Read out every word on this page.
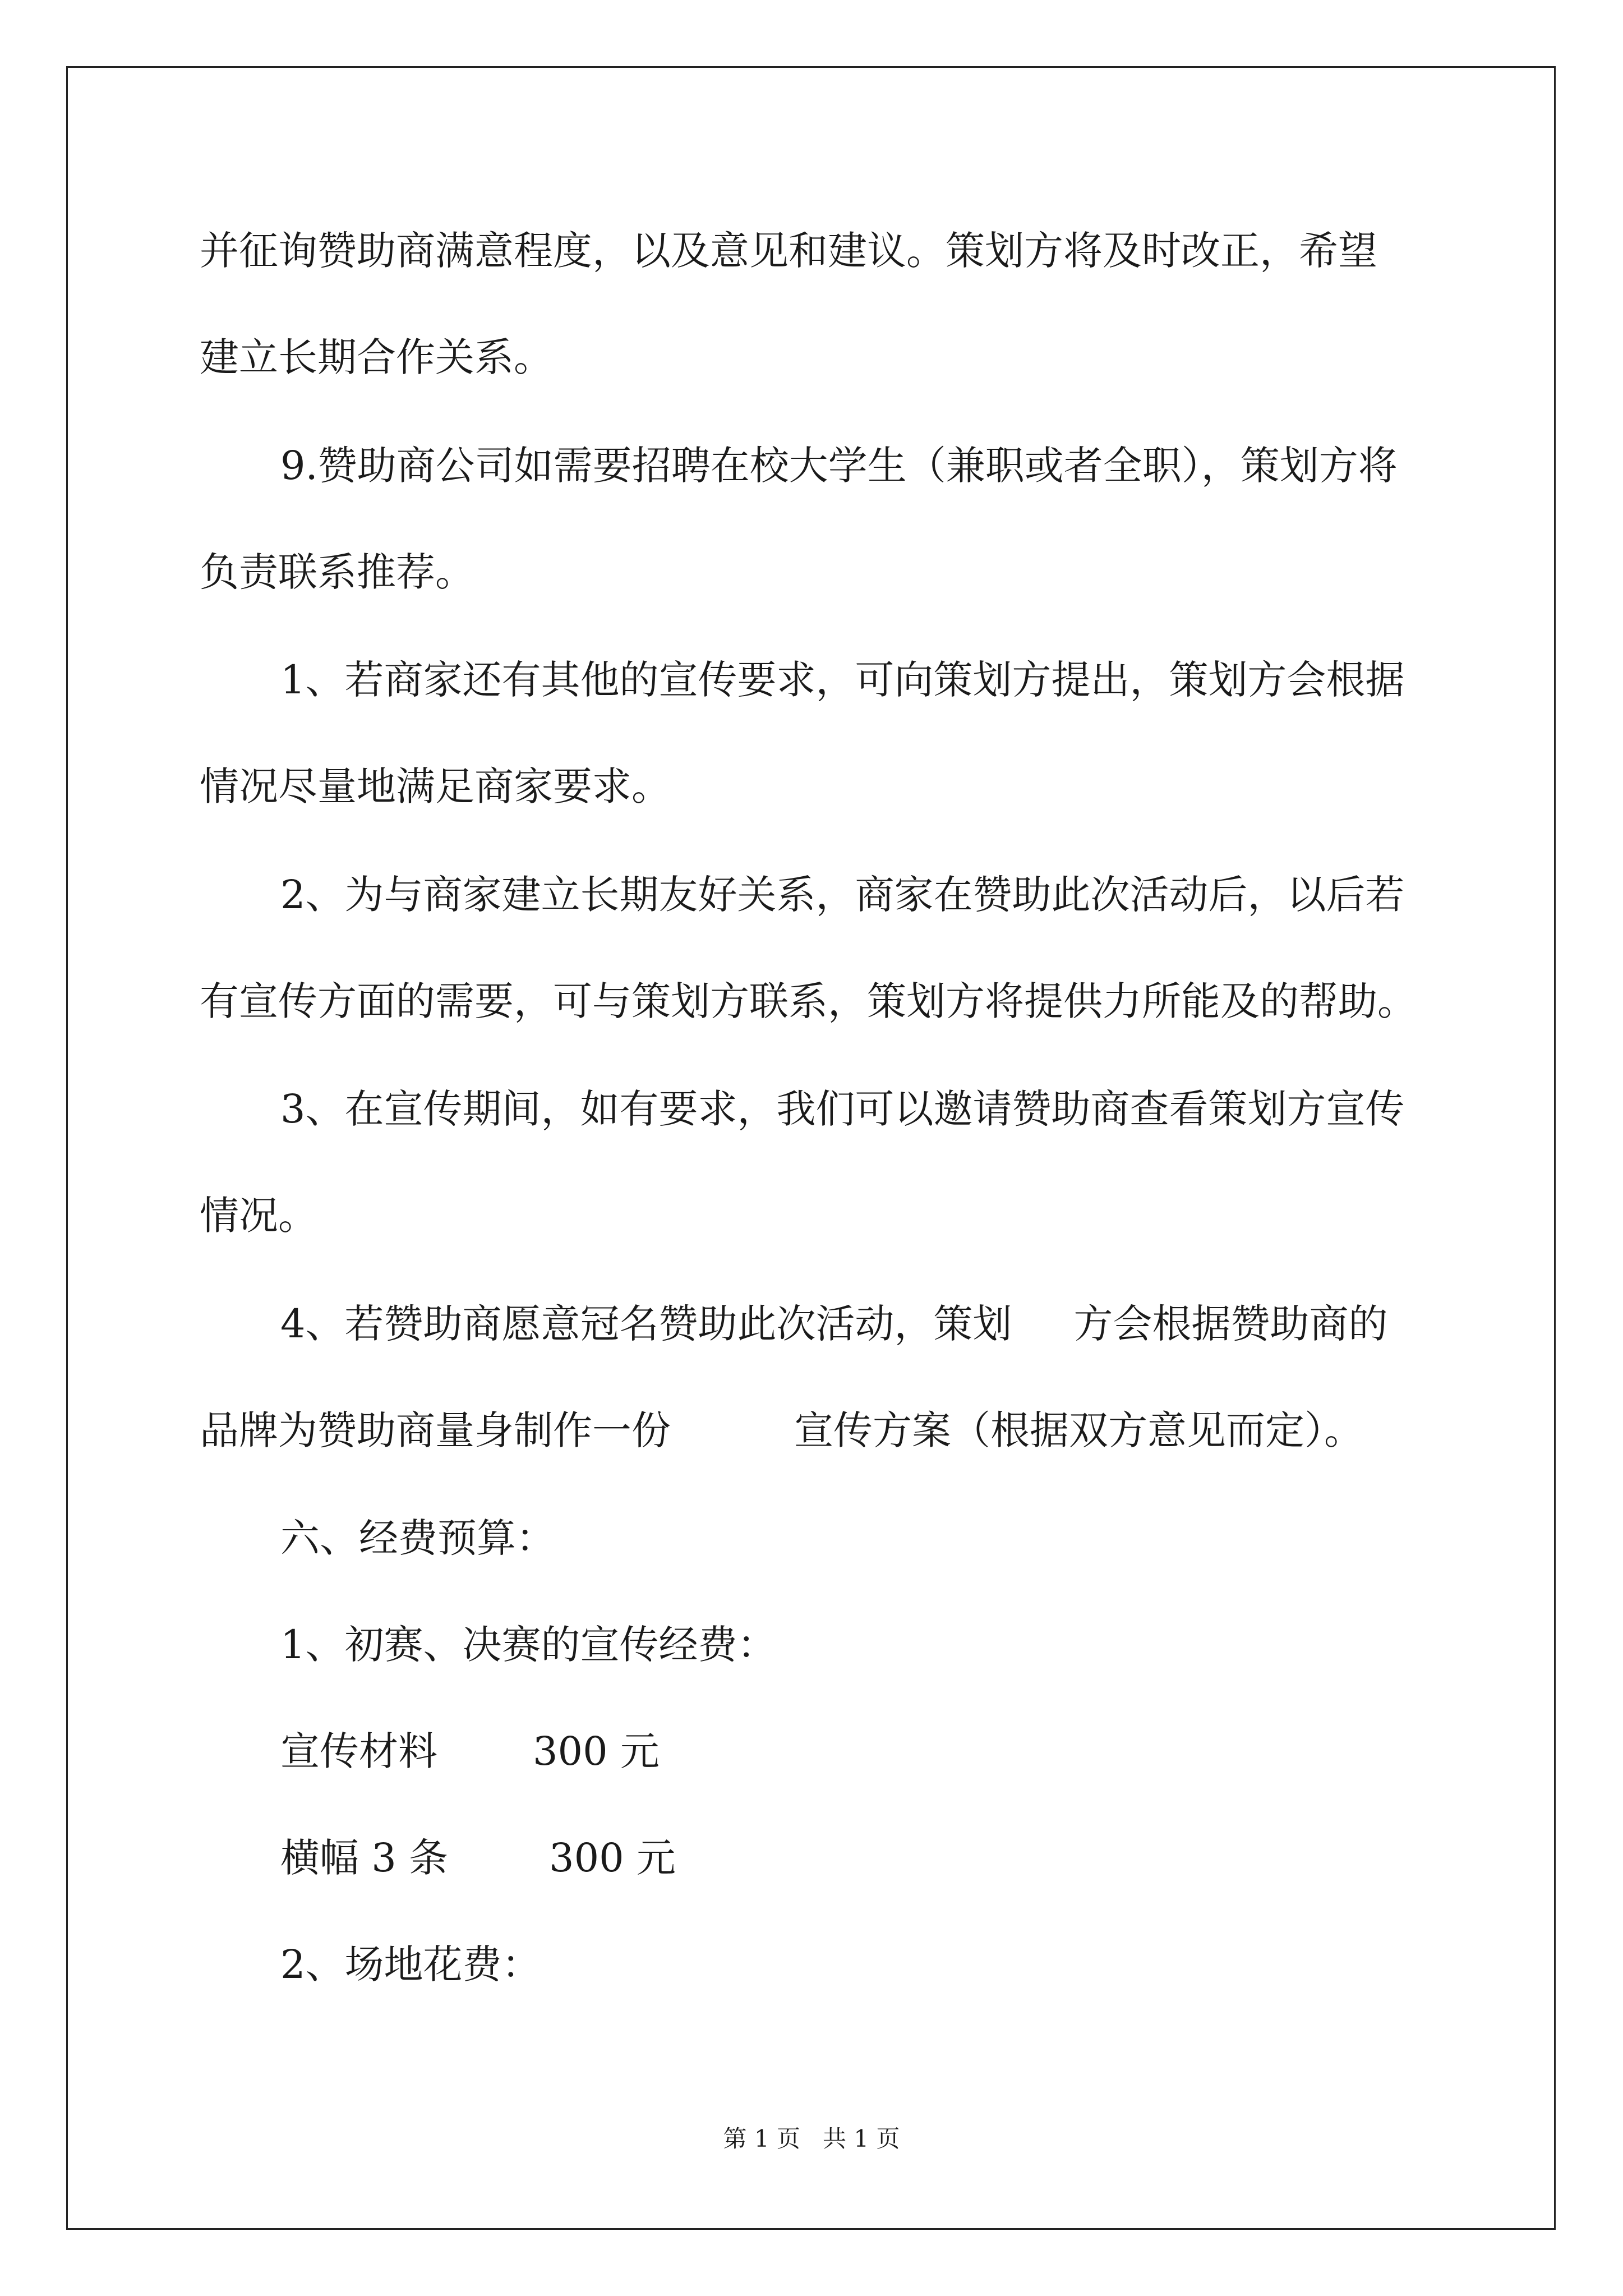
并征询赞助商满意程度，以及意见和建议。策划方将及时改正，希望

建立长期合作关系。

9.赞助商公司如需要招聘在校大学生（兼职或者全职），策划方将

负责联系推荐。

1、若商家还有其他的宣传要求，可向策划方提出，策划方会根据

情况尽量地满足商家要求。

2、为与商家建立长期友好关系，商家在赞助此次活动后，以后若

有宣传方面的需要，可与策划方联系，策划方将提供力所能及的帮助。

3、在宣传期间，如有要求，我们可以邀请赞助商查看策划方宣传

情况。

4、若赞助商愿意冠名赞助此次活动，策划 方会根据赞助商的

品牌为赞助商量身制作一份	宣传方案（根据双方意见而定）。

六、经费预算：

1、初赛、决赛的宣传经费：

宣传材料 300 元

横幅 3 条	300 元

2、场地花费：

第 1 页   共 1 页
